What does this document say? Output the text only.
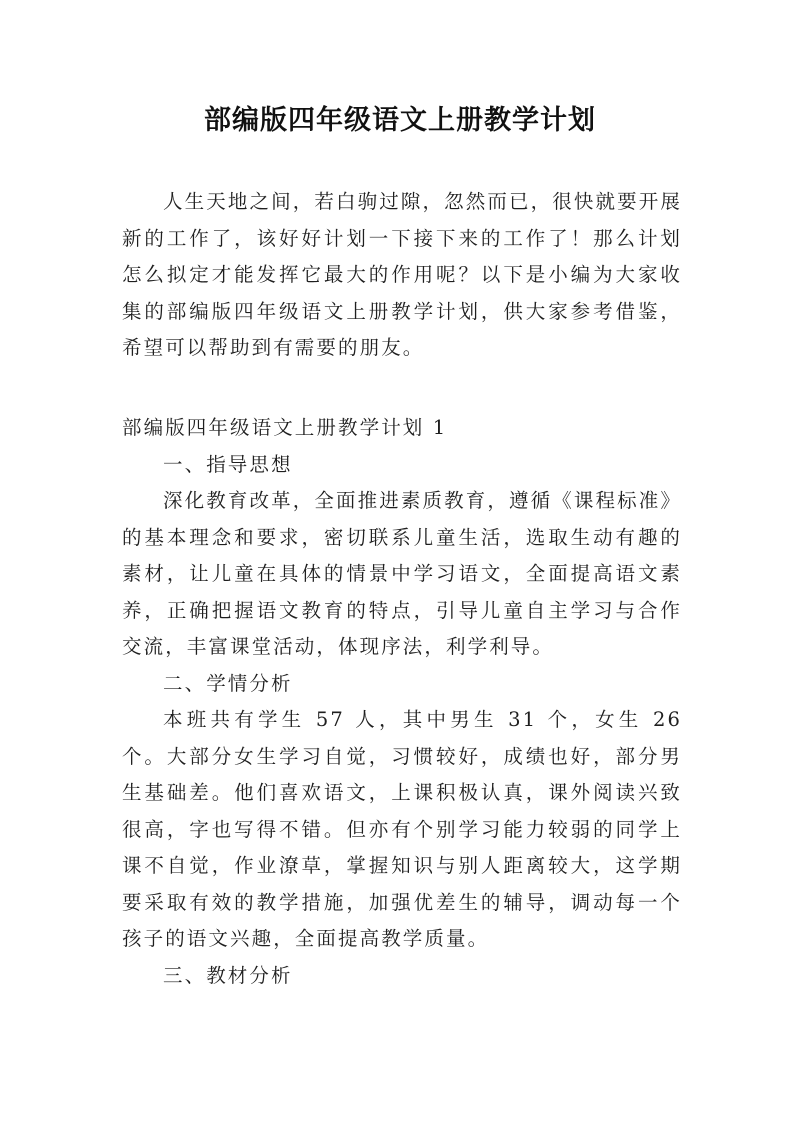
部编版四年级语文上册教学计划

人生天地之间，若白驹过隙，忽然而已，很快就要开展新的工作了，该好好计划一下接下来的工作了！那么计划怎么拟定才能发挥它最大的作用呢？以下是小编为大家收集的部编版四年级语文上册教学计划，供大家参考借鉴，希望可以帮助到有需要的朋友。

部编版四年级语文上册教学计划 1

一、指导思想

深化教育改革，全面推进素质教育，遵循《课程标准》的基本理念和要求，密切联系儿童生活，选取生动有趣的素材，让儿童在具体的情景中学习语文，全面提高语文素养，正确把握语文教育的特点，引导儿童自主学习与合作交流，丰富课堂活动，体现序法，利学利导。

二、学情分析

本班共有学生 57 人，其中男生 31 个，女生 26 个。大部分女生学习自觉，习惯较好，成绩也好，部分男生基础差。他们喜欢语文，上课积极认真，课外阅读兴致很高，字也写得不错。但亦有个别学习能力较弱的同学上课不自觉，作业潦草，掌握知识与别人距离较大，这学期要采取有效的教学措施，加强优差生的辅导，调动每一个孩子的语文兴趣，全面提高教学质量。

三、教材分析
